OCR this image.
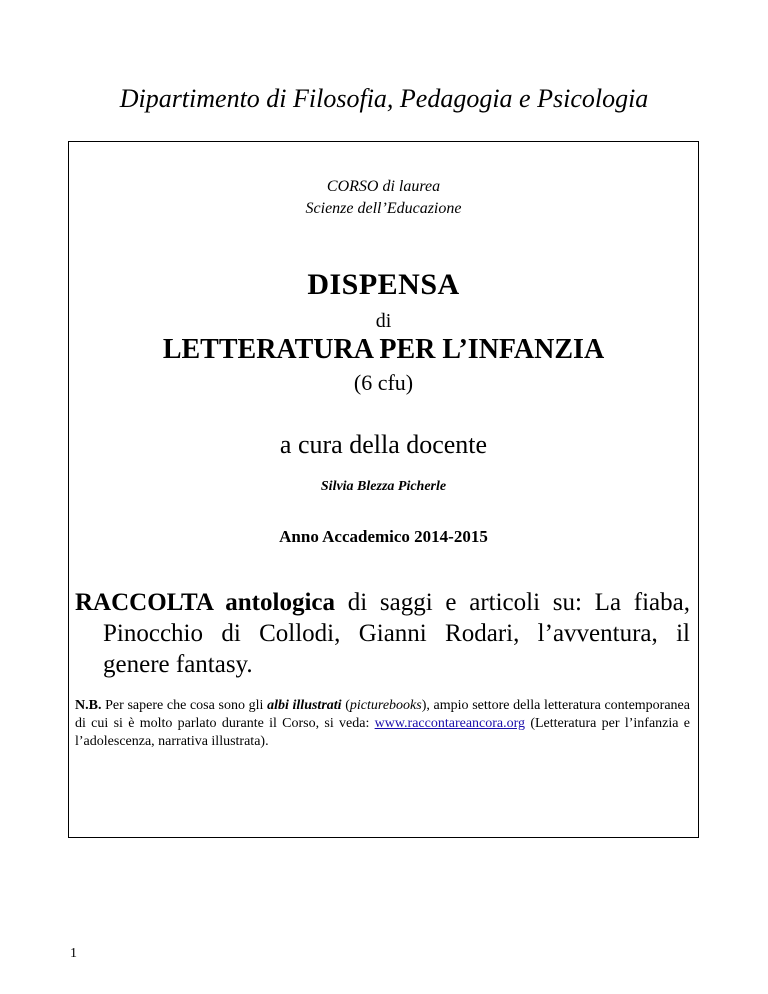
Dipartimento di Filosofia, Pedagogia e Psicologia
CORSO di laurea
Scienze dell’Educazione
DISPENSA
di
LETTERATURA PER L’INFANZIA
(6 cfu)
a cura della docente
Silvia Blezza Picherle
Anno Accademico 2014-2015
RACCOLTA antologica di saggi e articoli su: La fiaba, Pinocchio di Collodi, Gianni Rodari, l’avventura, il genere fantasy.
N.B. Per sapere che cosa sono gli albi illustrati (picturebooks), ampio settore della letteratura contemporanea di cui si è molto parlato durante il Corso, si veda: www.raccontareancora.org (Letteratura per l’infanzia e l’adolescenza, narrativa illustrata).
1
